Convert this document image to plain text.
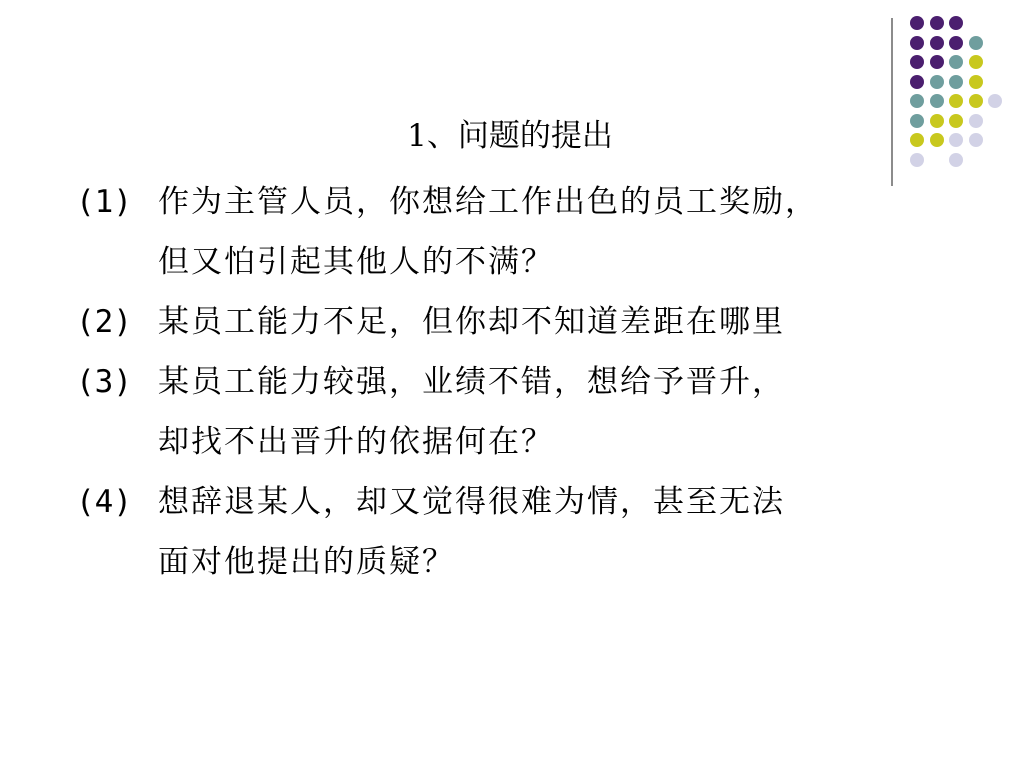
1、问题的提出
(1) 作为主管人员，你想给工作出色的员工奖励，
但又怕引起其他人的不满？
(2) 某员工能力不足，但你却不知道差距在哪里
(3) 某员工能力较强，业绩不错，想给予晋升，
却找不出晋升的依据何在？
(4) 想辞退某人，却又觉得很难为情，甚至无法
面对他提出的质疑？
